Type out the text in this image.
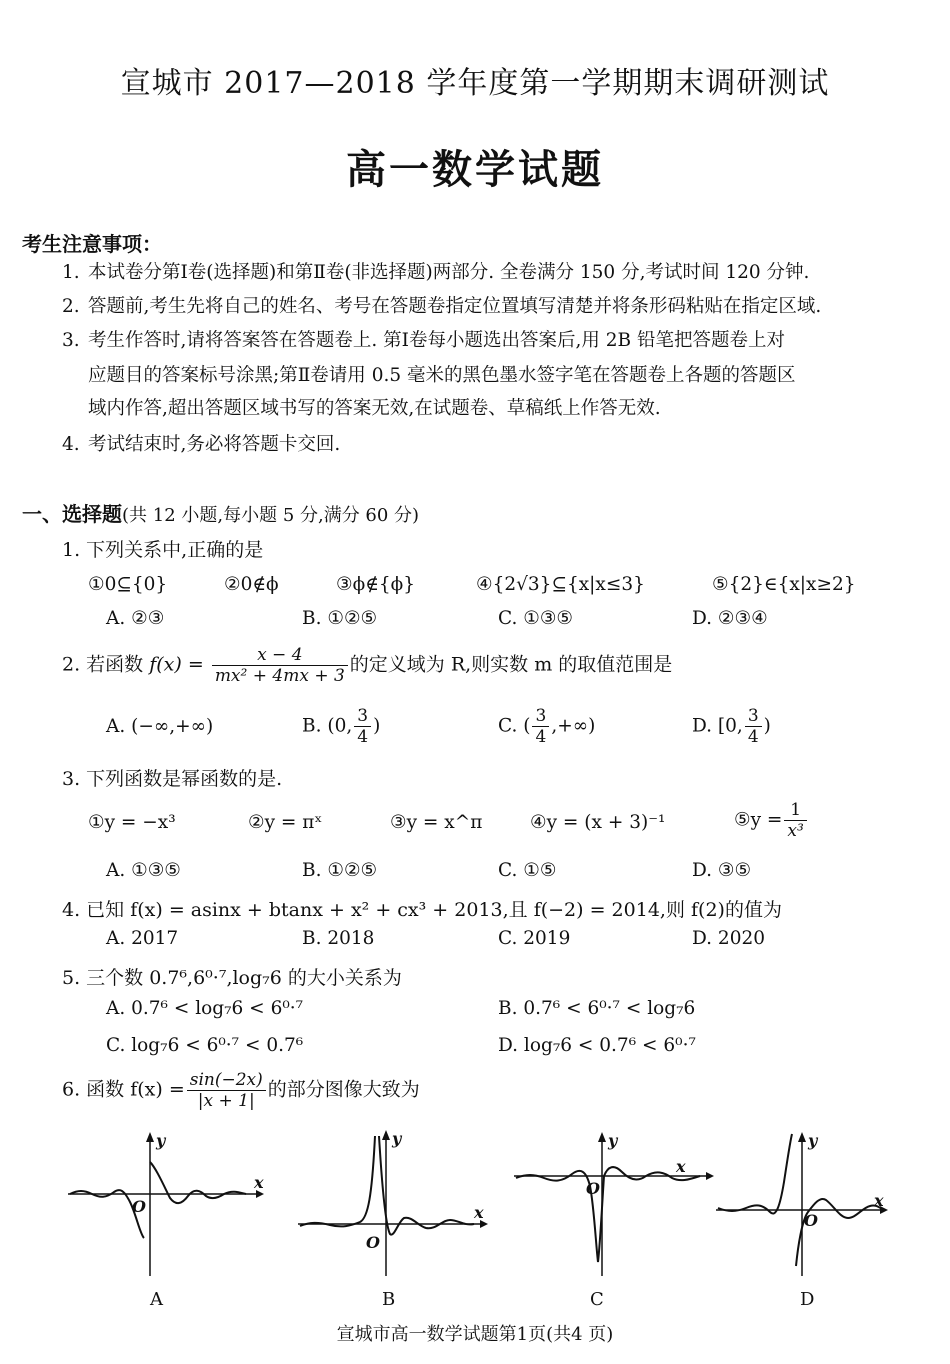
宣城市 2017—2018 学年度第一学期期末调研测试
高一数学试题
考生注意事项：
1. 本试卷分第Ⅰ卷(选择题)和第Ⅱ卷(非选择题)两部分. 全卷满分 150 分,考试时间 120 分钟.
2. 答题前,考生先将自己的姓名、考号在答题卷指定位置填写清楚并将条形码粘贴在指定区域.
3. 考生作答时,请将答案答在答题卷上. 第Ⅰ卷每小题选出答案后,用 2B 铅笔把答题卷上对
应题目的答案标号涂黑;第Ⅱ卷请用 0.5 毫米的黑色墨水签字笔在答题卷上各题的答题区
域内作答,超出答题区域书写的答案无效,在试题卷、草稿纸上作答无效.
4. 考试结束时,务必将答题卡交回.
一、选择题(共 12 小题,每小题 5 分,满分 60 分)
1. 下列关系中,正确的是
①0⊆{0}	②0∉ϕ	③ϕ∉{ϕ}	④{2√3}⊆{x|x≤3}	⑤{2}∈{x|x≥2}
A. ②③	B. ①②⑤	C. ①③⑤	D. ②③④
2. 若函数 $f(x) = \frac{x - 4}{\text{mx² + 4mx + 3}}$ 的定义域为 R,则实数 m 的取值范围是
A. (−∞,+∞)	B. (0, $\frac{3}{4}$ )	C. ( $\frac{3}{4}$ ,+∞)	D. [0, $\frac{3}{4}$ )
3. 下列函数是幂函数的是.
①y = −x³	②y = πˣ	③y = x^π	④y = (x + 3)⁻¹	⑤y = $\frac{1}{\text{x³}}$
A. ①③⑤	B. ①②⑤	C. ①⑤	D. ③⑤
4. 已知 f(x) = asinx + btanx + x² + cx³ + 2013,且 f(−2) = 2014,则 f(2)的值为
A. 2017	B. 2018	C. 2019	D. 2020
5. 三个数 0.7⁶,6⁰·⁷,log₇6 的大小关系为
A. 0.7⁶ < log₇6 < 6⁰·⁷	B. 0.7⁶ < 6⁰·⁷ < log₇6
C. log₇6 < 6⁰·⁷ < 0.7⁶	D. log₇6 < 0.7⁶ < 6⁰·⁷
6. 函数 $f(x) = \frac{\sin(-2x)}{|x + 1|}$ 的部分图像大致为
y
x
O
y
x
O
y
x
O
y
x
O
A	B	C	D
宣城市高一数学试题第1页(共4 页)
